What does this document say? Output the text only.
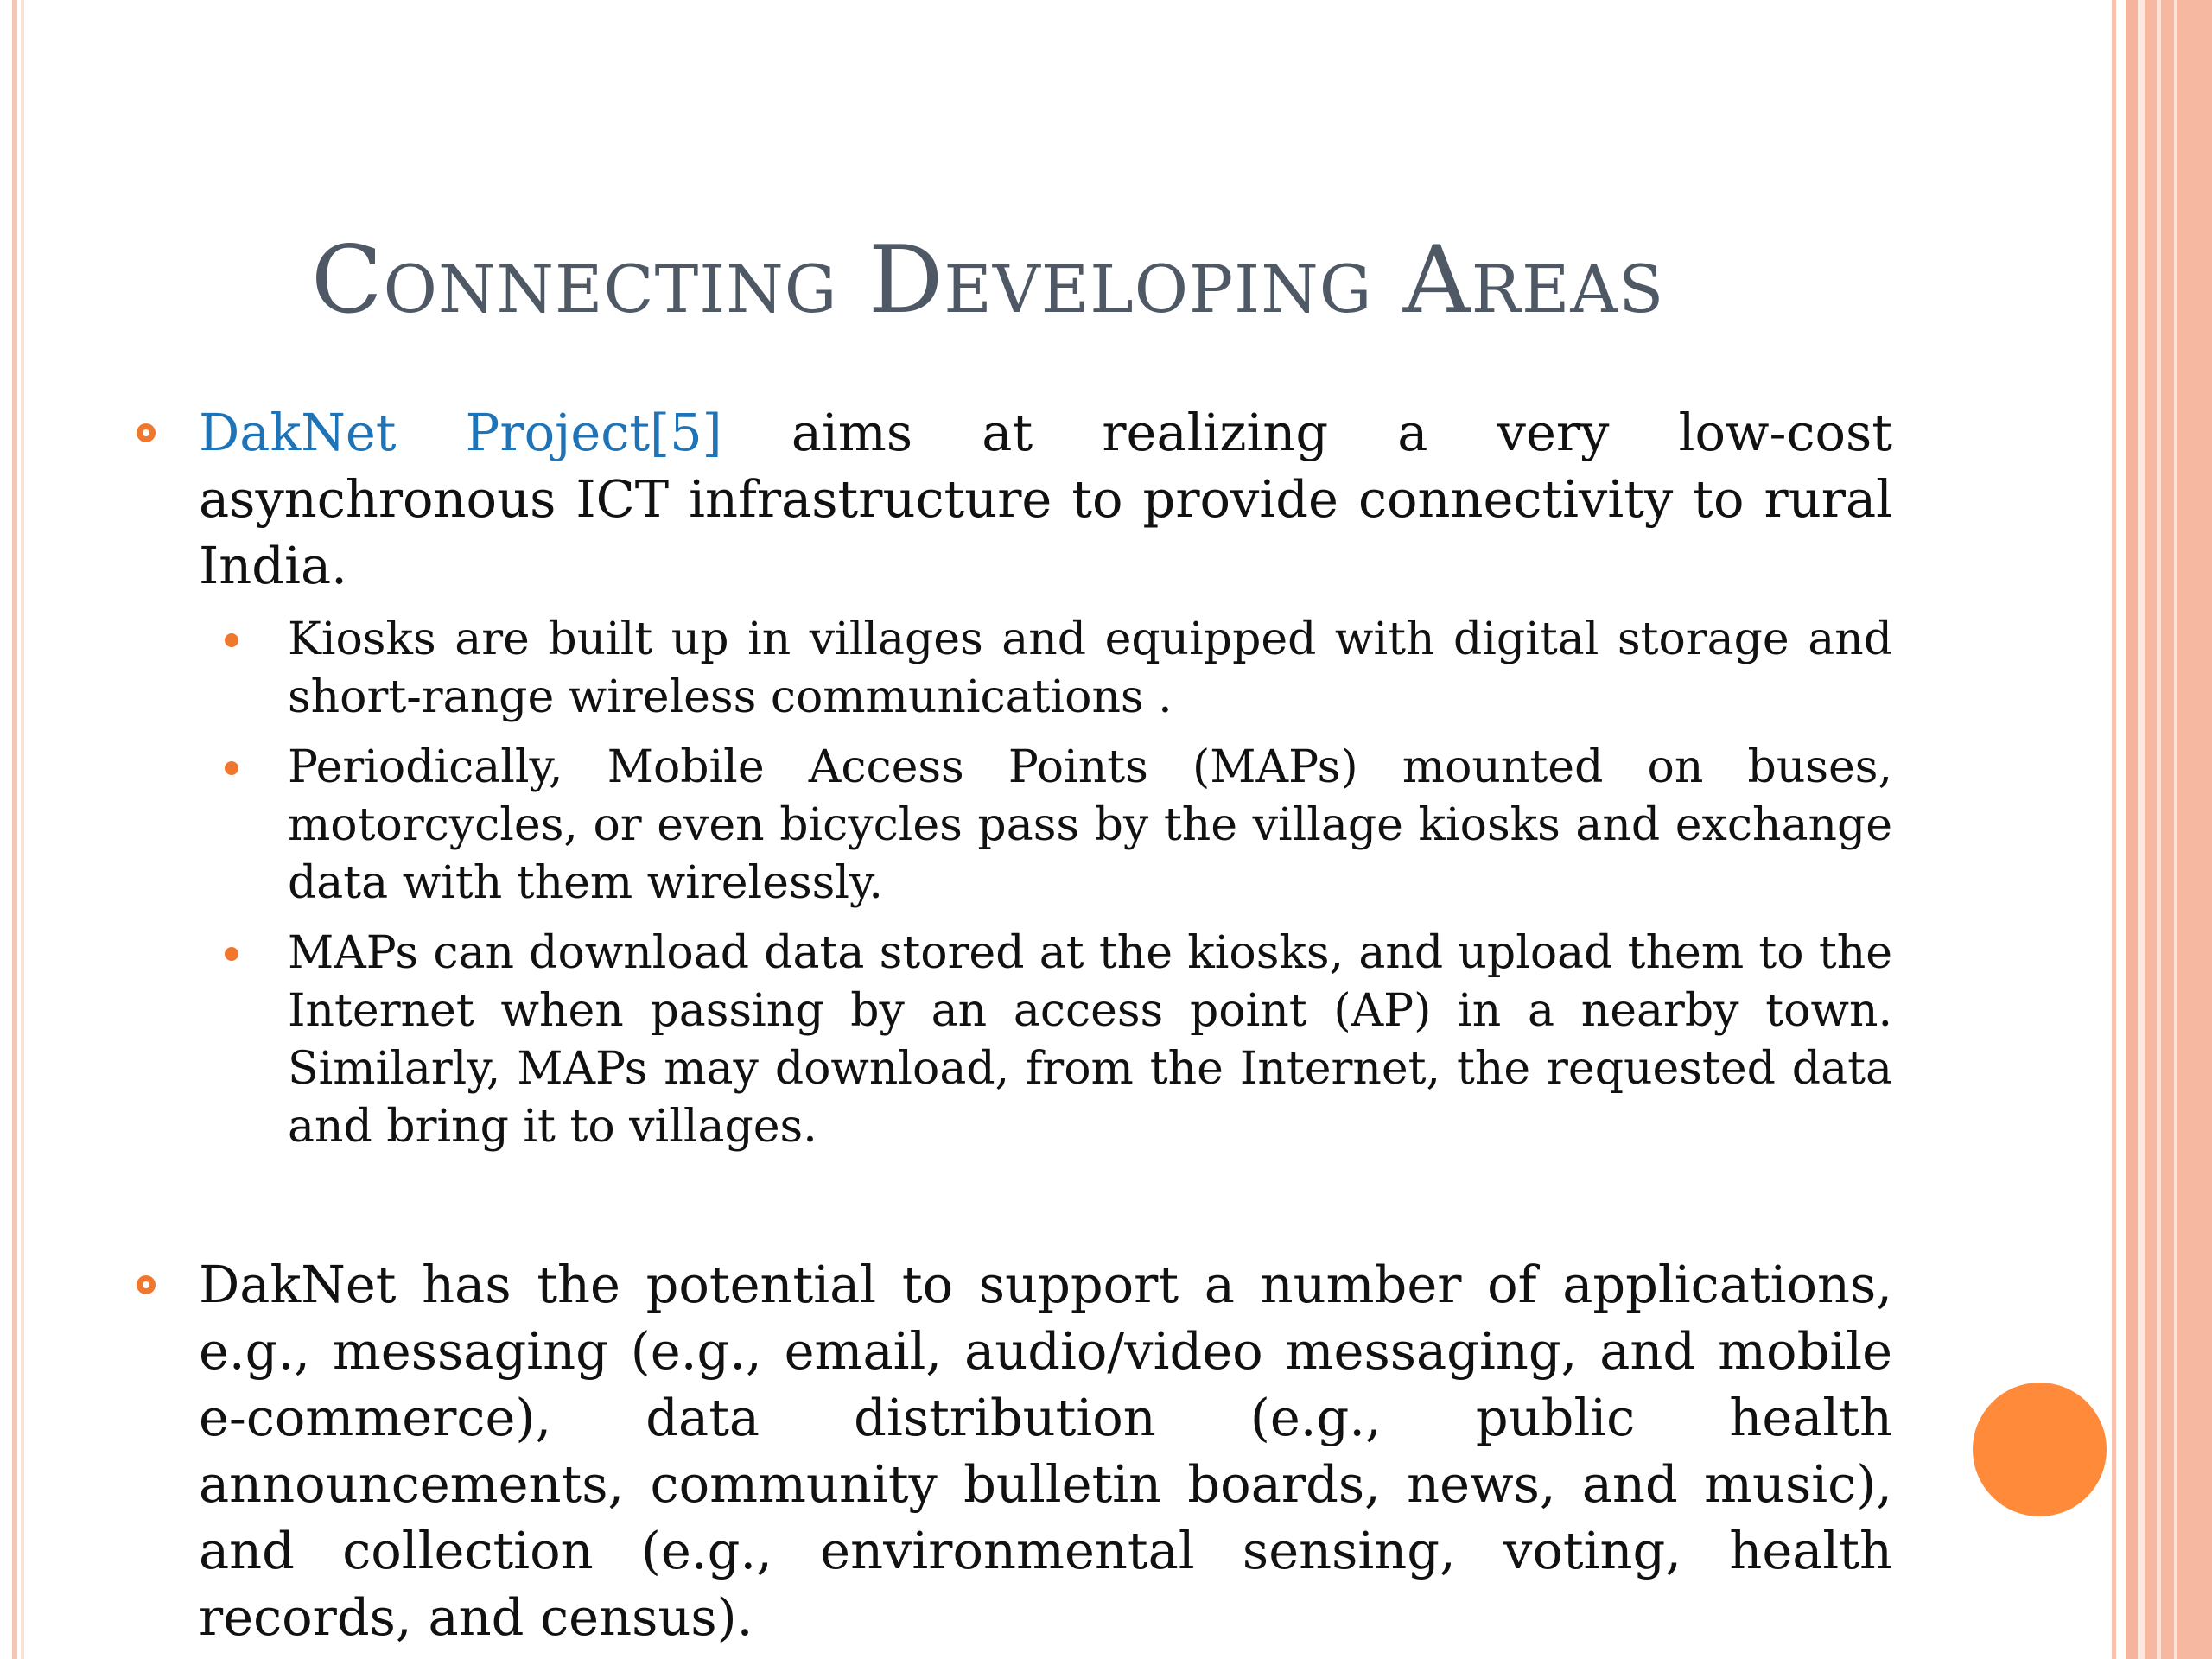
Connecting Developing Areas
DakNet Project[5] aims at realizing a very low-cost asynchronous ICT infrastructure to provide connectivity to rural India.
Kiosks are built up in villages and equipped with digital storage and short-range wireless communications .
Periodically, Mobile Access Points (MAPs) mounted on buses, motorcycles, or even bicycles pass by the village kiosks and exchange data with them wirelessly.
MAPs can download data stored at the kiosks, and upload them to the Internet when passing by an access point (AP) in a nearby town. Similarly, MAPs may download, from the Internet, the requested data and bring it to villages.
DakNet has the potential to support a number of applications, e.g., messaging (e.g., email, audio/video messaging, and mobile e-commerce), data distribution (e.g., public health announcements, community bulletin boards, news, and music), and collection (e.g., environmental sensing, voting, health records, and census).
